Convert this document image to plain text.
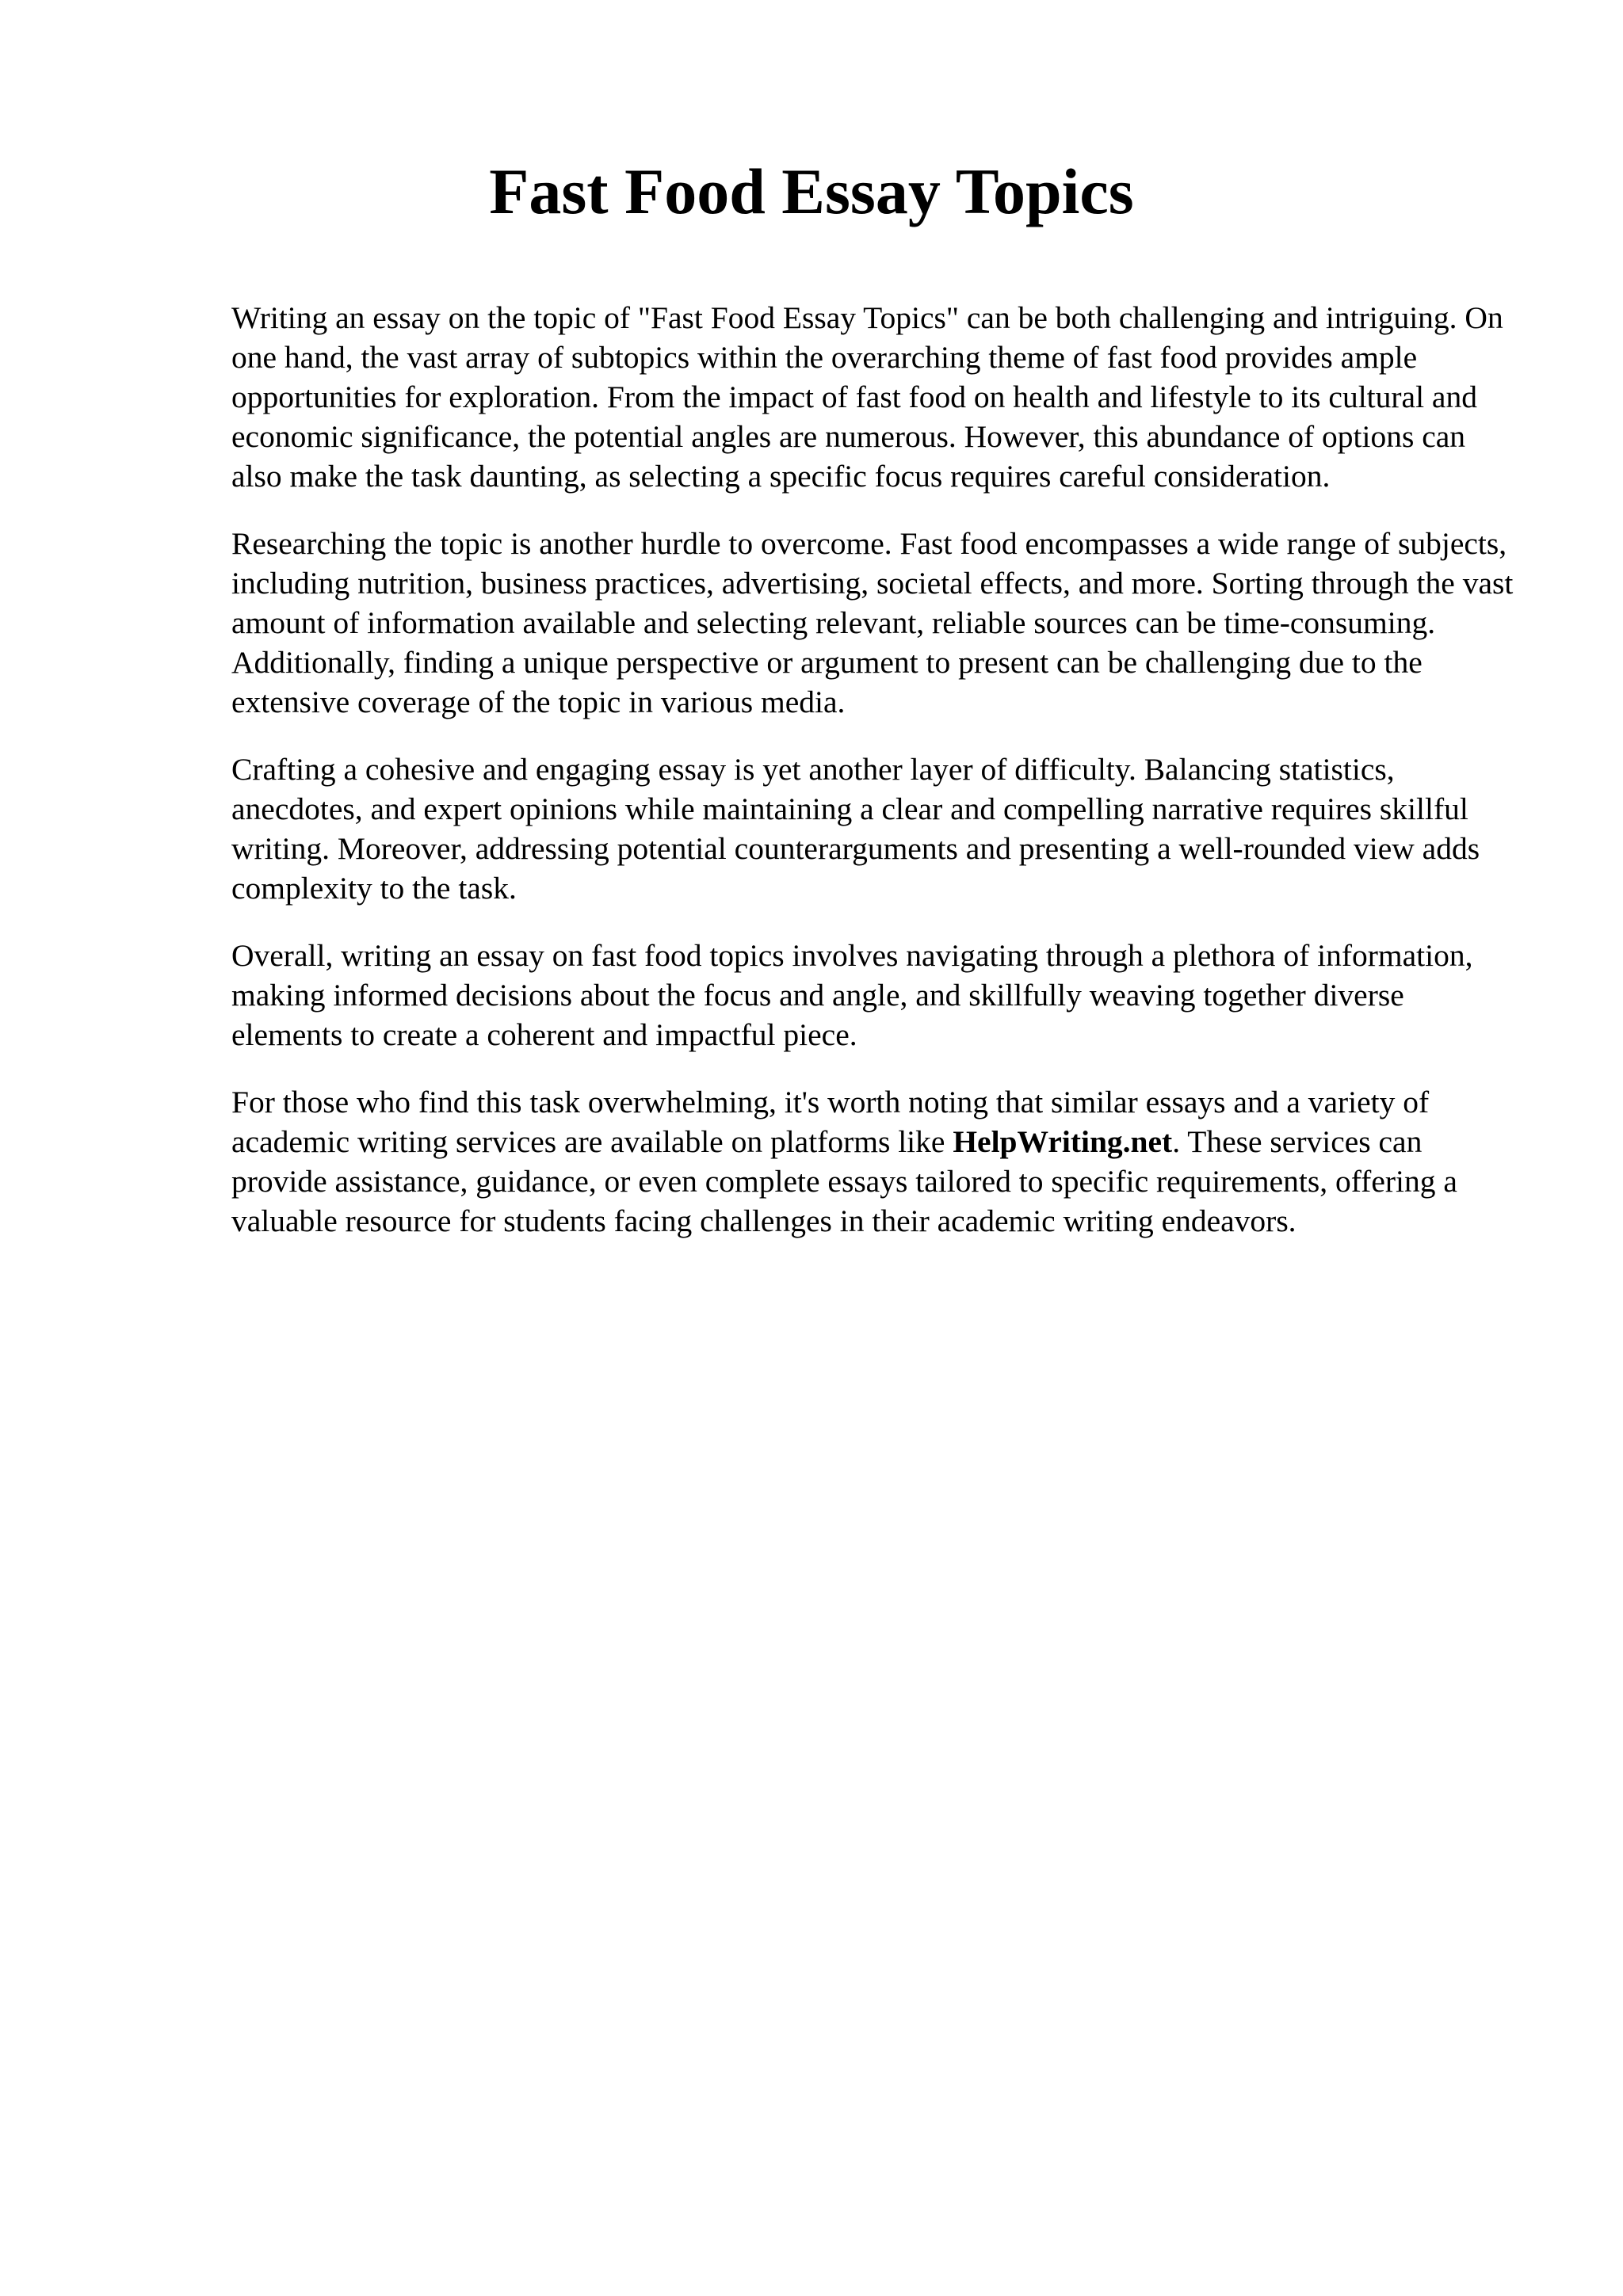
Fast Food Essay Topics

Writing an essay on the topic of "Fast Food Essay Topics" can be both challenging and intriguing. On one hand, the vast array of subtopics within the overarching theme of fast food provides ample opportunities for exploration. From the impact of fast food on health and lifestyle to its cultural and economic significance, the potential angles are numerous. However, this abundance of options can also make the task daunting, as selecting a specific focus requires careful consideration.

Researching the topic is another hurdle to overcome. Fast food encompasses a wide range of subjects, including nutrition, business practices, advertising, societal effects, and more. Sorting through the vast amount of information available and selecting relevant, reliable sources can be time-consuming. Additionally, finding a unique perspective or argument to present can be challenging due to the extensive coverage of the topic in various media.

Crafting a cohesive and engaging essay is yet another layer of difficulty. Balancing statistics, anecdotes, and expert opinions while maintaining a clear and compelling narrative requires skillful writing. Moreover, addressing potential counterarguments and presenting a well-rounded view adds complexity to the task.

Overall, writing an essay on fast food topics involves navigating through a plethora of information, making informed decisions about the focus and angle, and skillfully weaving together diverse elements to create a coherent and impactful piece.

For those who find this task overwhelming, it's worth noting that similar essays and a variety of academic writing services are available on platforms like HelpWriting.net. These services can provide assistance, guidance, or even complete essays tailored to specific requirements, offering a valuable resource for students facing challenges in their academic writing endeavors.
